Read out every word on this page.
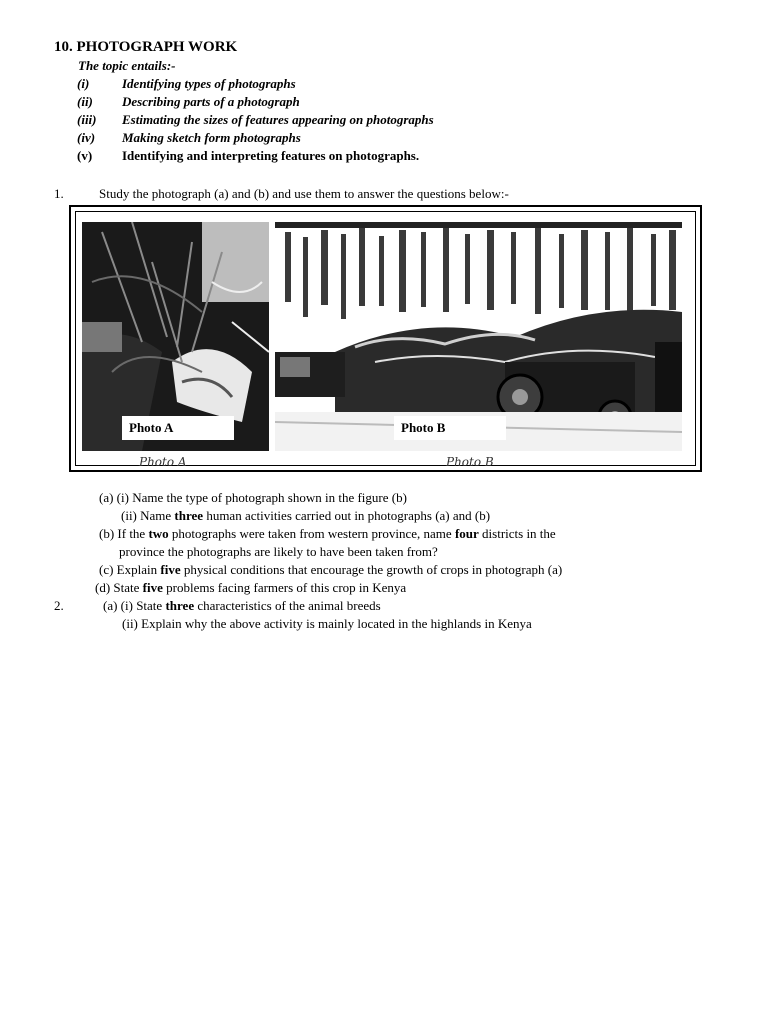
10. PHOTOGRAPH WORK
The topic entails:-
(i)	Identifying types of photographs
(ii) Describing parts of a photograph
(iii) Estimating the sizes of features appearing on photographs
(iv) Making sketch form photographs
(v) Identifying and interpreting features on photographs.
1.	Study the photograph (a) and (b) and use them to answer the questions below:-
Photo A	Photo B
Photo A	Photo B
(a) (i) Name the type of photograph shown in the figure (b)
(ii) Name three human activities carried out in photographs (a) and (b)
(b) If the two photographs were taken from western province, name four districts in the
province the photographs are likely to have been taken from?
(c) Explain five physical conditions that encourage the growth of crops in photograph (a)
(d) State five problems facing farmers of this crop in Kenya
2.	(a) (i) State three characteristics of the animal breeds
(ii) Explain why the above activity is mainly located in the highlands in Kenya
